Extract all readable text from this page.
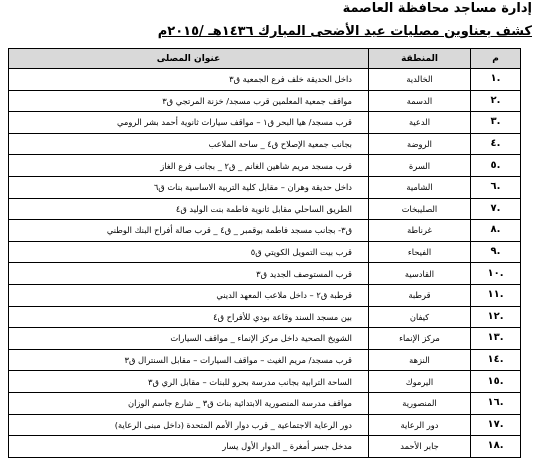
إدارة مساجد محافظة العاصمة
كشف بعناوين مصليات عيد الأضحى المبارك ١٤٣٦هـ /٢٠١٥م
م	المنطقة	عنوان المصلى
.١	الخالدية	داخل الحديقة خلف فرع الجمعية ق٣
.٢	الدسمة	مواقف جمعية المعلمين قرب مسجد/ خزنة المرتجي ق٣
.٣	الدعية	قرب مسجد/ هيا البحر ق١ – مواقف سيارات ثانوية أحمد بشر الرومي
.٤	الروضة	بجانب جمعية الإصلاح ق٤ _ ساحة الملاعب
.٥	السرة	قرب مسجد مريم شاهين الغانم _ ق٢ _ بجانب فرع الغاز
.٦	الشامية	داخل حديقة وهران – مقابل كلية التربية الاساسية بنات ق٦
.٧	الصليبخات	الطريق الساحلي مقابل ثانوية فاطمة بنت الوليد ق٤
.٨	غرناطة	ق٣- بجانب مسجد فاطمة بوقمبر _ ق٤ _ قرب صالة أفراح البنك الوطني
.٩	الفيحاء	قرب بيت التمويل الكويتي ق٥
.١٠	القادسية	قرب المستوصف الجديد ق٣
.١١	قرطبة	قرطبة ق٢ – داخل ملاعب المعهد الديني
.١٢	كيفان	بين مسجد السند وقاعة بودي للأفراح ق٤
.١٣	مركز الإنماء	الشويخ الصحية داخل مركز الإنماء _ مواقف السيارات
.١٤	النزهة	قرب مسجد/ مريم الغيث – مواقف السيارات – مقابل السنترال ق٣
.١٥	اليرموك	الساحة الترابية بجانب مدرسة بحرو للبنات – مقابل الري ق٣
.١٦	المنصورية	مواقف مدرسة المنصورية الابتدائية بنات ق٣ _ شارع جاسم الوزان
.١٧	دور الرعاية	دور الرعاية الاجتماعية _ قرب دوار الأمم المتحدة (داخل مبنى الرعاية)
.١٨	جابر الأحمد	مدخل جسر أمغرة _ الدوار الأول يسار
